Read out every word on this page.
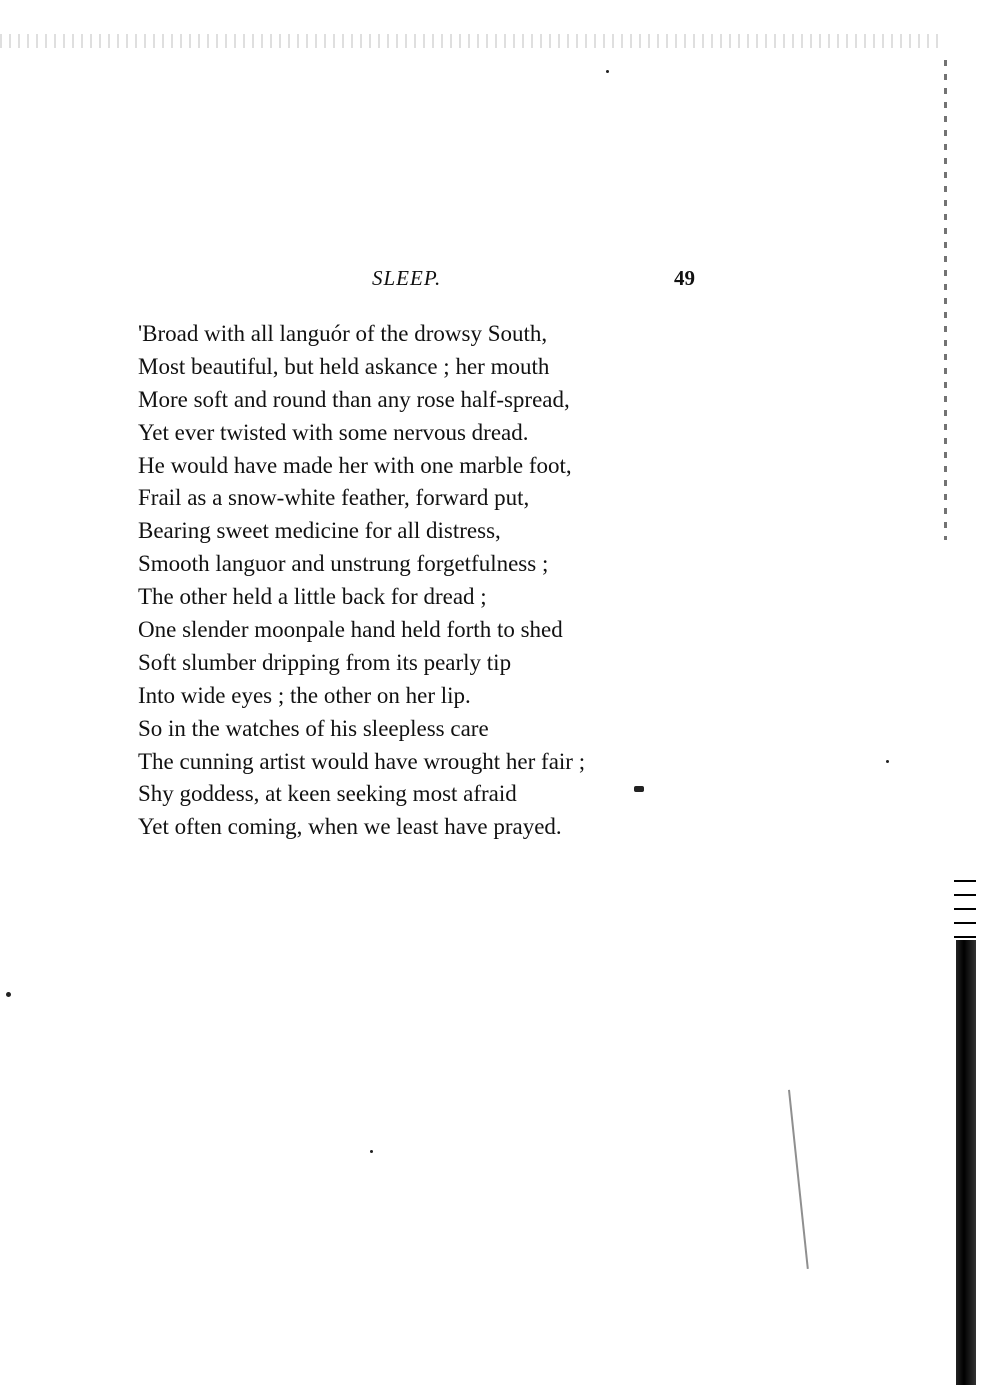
SLEEP.	49
'Broad with all languór of the drowsy South,
Most beautiful, but held askance ; her mouth
More soft and round than any rose half-spread,
Yet ever twisted with some nervous dread.
He would have made her with one marble foot,
Frail as a snow-white feather, forward put,
Bearing sweet medicine for all distress,
Smooth languor and unstrung forgetfulness ;
The other held a little back for dread ;
One slender moonpale hand held forth to shed
Soft slumber dripping from its pearly tip
Into wide eyes ; the other on her lip.
So in the watches of his sleepless care
The cunning artist would have wrought her fair ;
Shy goddess, at keen seeking most afraid
Yet often coming, when we least have prayed.
